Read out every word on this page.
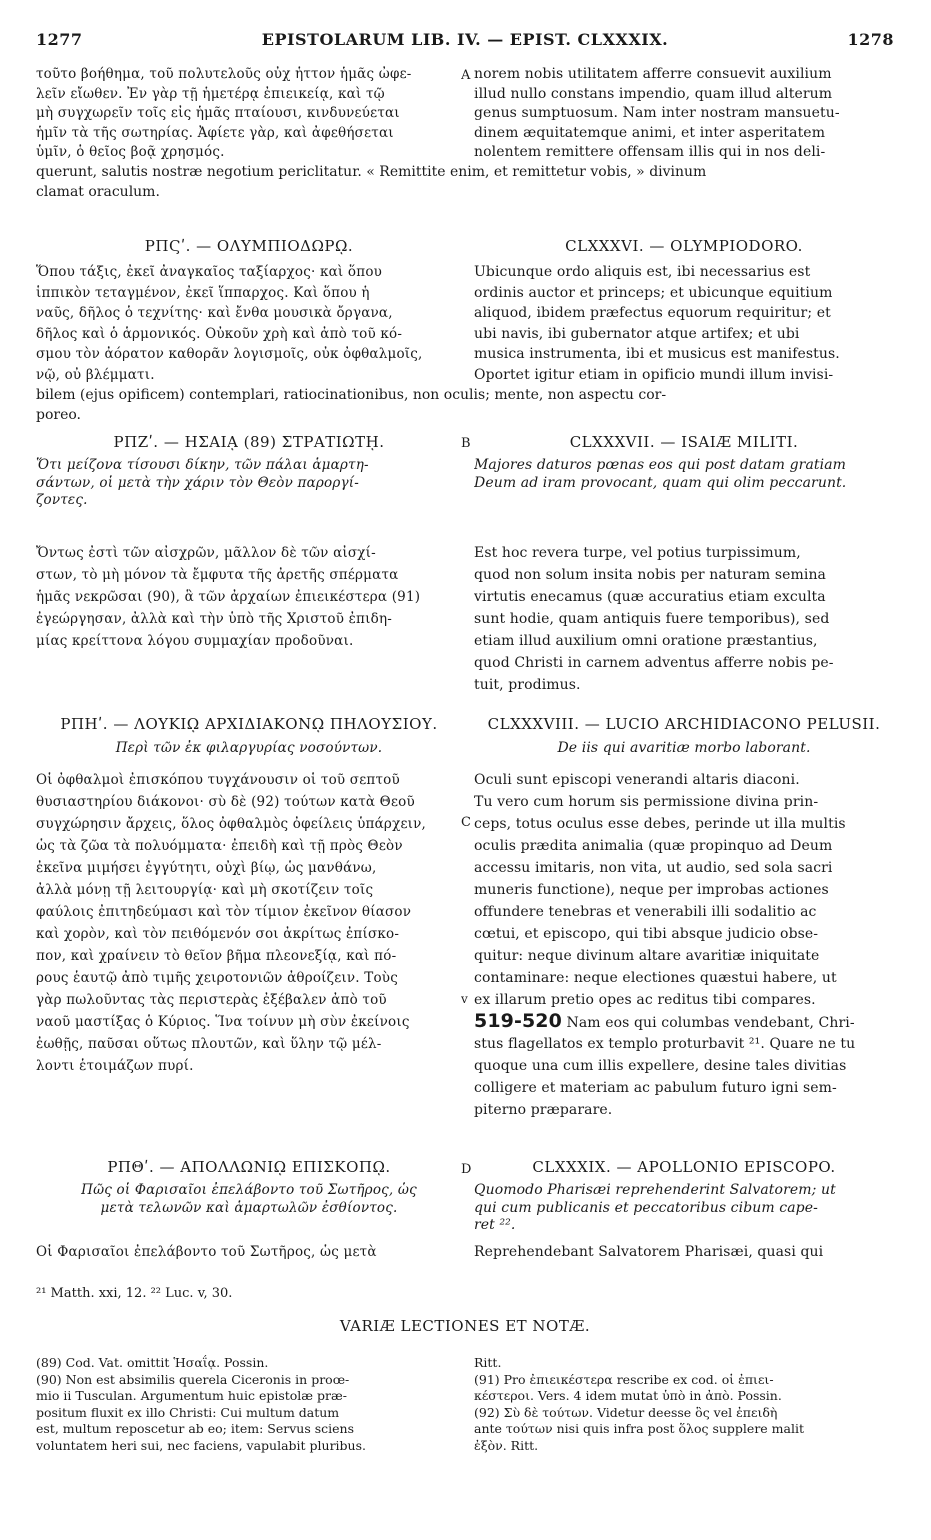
1277	EPISTOLARUM LIB. IV. — EPIST. CLXXXIX.	1278
τοῦτο βοήθημα, τοῦ πολυτελοῦς οὐχ ἧττον ἡμᾶς ὠφε-
λεῖν εἴωθεν. Ἐν γὰρ τῇ ἡμετέρᾳ ἐπιεικείᾳ, καὶ τῷ
μὴ συγχωρεῖν τοῖς εἰς ἡμᾶς πταίουσι, κινδυνεύεται
ἡμῖν τὰ τῆς σωτηρίας. Ἀφίετε γὰρ, καὶ ἀφεθήσεται
ὑμῖν, ὁ θεῖος βοᾷ χρησμός.
norem nobis utilitatem afferre consuevit auxilium
illud nullo constans impendio, quam illud alterum
genus sumptuosum. Nam inter nostram mansuetu-
dinem æquitatemque animi, et inter asperitatem
nolentem remittere offensam illis qui in nos deli-
A
querunt, salutis nostræ negotium periclitatur. « Remittite enim, et remittetur vobis, » divinum
clamat oraculum.
ΡΠϚʹ. — ΟΛΥΜΠΙΟΔΩΡῼ.	CLXXXVI. — OLYMPIODORO.
Ὅπου τάξις, ἐκεῖ ἀναγκαῖος ταξίαρχος· καὶ ὅπου
ἱππικὸν τεταγμένον, ἐκεῖ ἵππαρχος. Καὶ ὅπου ἡ
ναῦς, δῆλος ὁ τεχνίτης· καὶ ἔνθα μουσικὰ ὄργανα,
δῆλος καὶ ὁ ἁρμονικός. Οὐκοῦν χρὴ καὶ ἀπὸ τοῦ κό-
σμου τὸν ἀόρατον καθορᾶν λογισμοῖς, οὐκ ὀφθαλμοῖς,
νῷ, οὐ βλέμματι.
Ubicunque ordo aliquis est, ibi necessarius est
ordinis auctor et princeps; et ubicunque equitium
aliquod, ibidem præfectus equorum requiritur; et
ubi navis, ibi gubernator atque artifex; et ubi
musica instrumenta, ibi et musicus est manifestus.
Oportet igitur etiam in opificio mundi illum invisi-
bilem (ejus opificem) contemplari, ratiocinationibus, non oculis; mente, non aspectu cor-
poreo.
ΡΠΖʹ. — ΗΣΑΙᾼ (89) ΣΤΡΑΤΙΩΤῌ.	CLXXXVII. — ISAIÆ MILITI.
B
Ὅτι μείζονα τίσουσι δίκην, τῶν πάλαι ἁμαρτη-
σάντων, οἱ μετὰ τὴν χάριν τὸν Θεὸν παροργί-
ζοντες.
Majores daturos pœnas eos qui post datam gratiam
Deum ad iram provocant, quam qui olim peccarunt.
Ὄντως ἐστὶ τῶν αἰσχρῶν, μᾶλλον δὲ τῶν αἰσχί-
στων, τὸ μὴ μόνον τὰ ἔμφυτα τῆς ἀρετῆς σπέρματα
ἡμᾶς νεκρῶσαι (90), ἃ τῶν ἀρχαίων ἐπιεικέστερα (91)
ἐγεώργησαν, ἀλλὰ καὶ τὴν ὑπὸ τῆς Χριστοῦ ἐπιδη-
μίας κρείττονα λόγου συμμαχίαν προδοῦναι.
Est hoc revera turpe, vel potius turpissimum,
quod non solum insita nobis per naturam semina
virtutis enecamus (quæ accuratius etiam exculta
sunt hodie, quam antiquis fuere temporibus), sed
etiam illud auxilium omni oratione præstantius,
quod Christi in carnem adventus afferre nobis pe-
tuit, prodimus.
ΡΠΗʹ. — ΛΟΥΚΙῼ ΑΡΧΙΔΙΑΚΟΝῼ ΠΗΛΟΥΣΙΟΥ.	CLXXXVIII. — LUCIO ARCHIDIACONO PELUSII.
Περὶ τῶν ἐκ φιλαργυρίας νοσούντων.	De iis qui avaritiæ morbo laborant.
Οἱ ὀφθαλμοὶ ἐπισκόπου τυγχάνουσιν οἱ τοῦ σεπτοῦ
θυσιαστηρίου διάκονοι· σὺ δὲ (92) τούτων κατὰ Θεοῦ
συγχώρησιν ἄρχεις, ὅλος ὀφθαλμὸς ὀφείλεις ὑπάρχειν,
ὡς τὰ ζῶα τὰ πολυόμματα· ἐπειδὴ καὶ τῇ πρὸς Θεὸν
ἐκεῖνα μιμήσει ἐγγύτητι, οὐχὶ βίῳ, ὡς μανθάνω,
ἀλλὰ μόνῃ τῇ λειτουργίᾳ· καὶ μὴ σκοτίζειν τοῖς
φαύλοις ἐπιτηδεύμασι καὶ τὸν τίμιον ἐκεῖνον θίασον
καὶ χορὸν, καὶ τὸν πειθόμενόν σοι ἀκρίτως ἐπίσκο-
πον, καὶ χραίνειν τὸ θεῖον βῆμα πλεονεξίᾳ, καὶ πό-
ρους ἑαυτῷ ἀπὸ τιμῆς χειροτονιῶν ἀθροίζειν. Τοὺς
γὰρ πωλοῦντας τὰς περιστερὰς ἐξέβαλεν ἀπὸ τοῦ
ναοῦ μαστίξας ὁ Κύριος. Ἵνα τοίνυν μὴ σὺν ἐκείνοις
ἐωθῇς, παῦσαι οὕτως πλουτῶν, καὶ ὕλην τῷ μέλ-
λοντι ἑτοιμάζων πυρί.
Oculi sunt episcopi venerandi altaris diaconi.
Tu vero cum horum sis permissione divina prin-
ceps, totus oculus esse debes, perinde ut illa multis
oculis prædita animalia (quæ propinquo ad Deum
accessu imitaris, non vita, ut audio, sed sola sacri
muneris functione), neque per improbas actiones
offundere tenebras et venerabili illi sodalitio ac
cœtui, et episcopo, qui tibi absque judicio obse-
quitur: neque divinum altare avaritiæ iniquitate
contaminare: neque electiones quæstui habere, ut
ex illarum pretio opes ac reditus tibi compares.
C
v
519-520 Nam eos qui columbas vendebant, Chri-
stus flagellatos ex templo proturbavit ²¹. Quare ne tu
quoque una cum illis expellere, desine tales divitias
colligere et materiam ac pabulum futuro igni sem-
piterno præparare.
ΡΠΘʹ. — ΑΠΟΛΛΩΝΙῼ ΕΠΙΣΚΟΠῼ.	CLXXXIX. — APOLLONIO EPISCOPO.
D
Πῶς οἱ Φαρισαῖοι ἐπελάβοντο τοῦ Σωτῆρος, ὡς
μετὰ τελωνῶν καὶ ἁμαρτωλῶν ἐσθίοντος.
Quomodo Pharisæi reprehenderint Salvatorem; ut
qui cum publicanis et peccatoribus cibum cape-
ret ²².
Οἱ Φαρισαῖοι ἐπελάβοντο τοῦ Σωτῆρος, ὡς μετὰ	Reprehendebant Salvatorem Pharisæi, quasi qui
²¹ Matth. xxi, 12. ²² Luc. v, 30.
VARIÆ LECTIONES ET NOTÆ.
(89) Cod. Vat. omittit Ἡσαΐᾳ. Possin.
(90) Non est absimilis querela Ciceronis in proœ-
mio ii Tusculan. Argumentum huic epistolæ præ-
positum fluxit ex illo Christi: Cui multum datum
est, multum reposcetur ab eo; item: Servus sciens
voluntatem heri sui, nec faciens, vapulabit pluribus.
Ritt.
(91) Pro ἐπιεικέστερα rescribe ex cod. οἱ ἐπιει-
κέστεροι. Vers. 4 idem mutat ὑπὸ in ἀπὸ. Possin.
(92) Σὺ δὲ τούτων. Videtur deesse ὃς vel ἐπειδὴ
ante τούτων nisi quis infra post ὅλος supplere malit
ἐξὸν. Ritt.
